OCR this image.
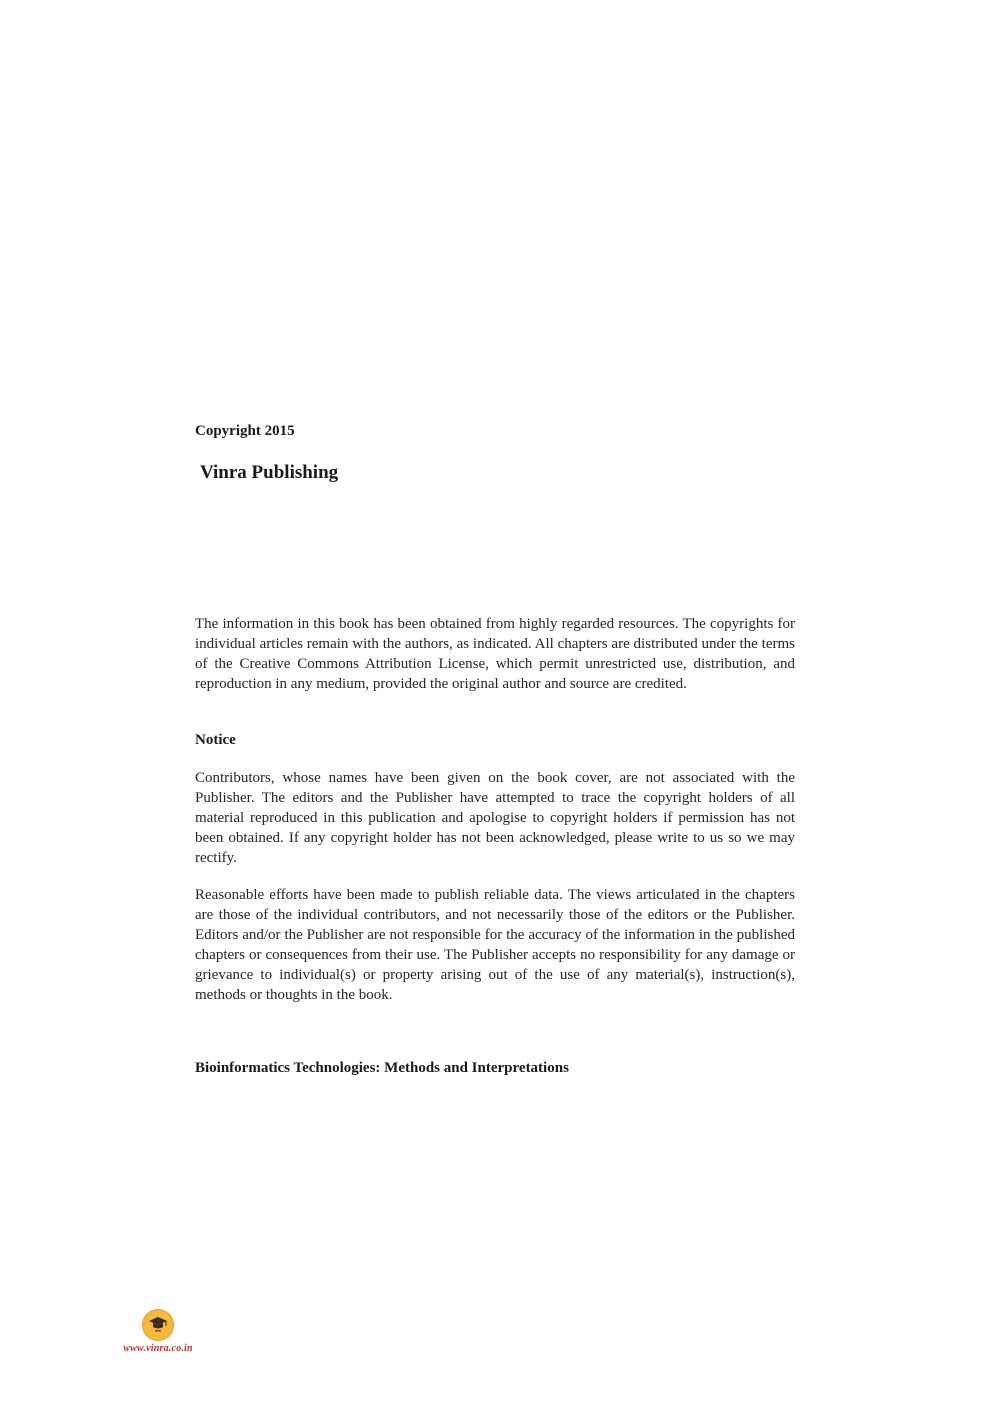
Copyright 2015
Vinra Publishing
The information in this book has been obtained from highly regarded resources. The copyrights for individual articles remain with the authors, as indicated. All chapters are distributed under the terms of the Creative Commons Attribution License, which permit unrestricted use, distribution, and reproduction in any medium, provided the original author and source are credited.
Notice
Contributors, whose names have been given on the book cover, are not associated with the Publisher. The editors and the Publisher have attempted to trace the copyright holders of all material reproduced in this publication and apologise to copyright holders if permission has not been obtained. If any copyright holder has not been acknowledged, please write to us so we may rectify.
Reasonable efforts have been made to publish reliable data. The views articulated in the chapters are those of the individual contributors, and not necessarily those of the editors or the Publisher. Editors and/or the Publisher are not responsible for the accuracy of the information in the published chapters or consequences from their use. The Publisher accepts no responsibility for any damage or grievance to individual(s) or property arising out of the use of any material(s), instruction(s), methods or thoughts in the book.
Bioinformatics Technologies: Methods and Interpretations
www.vinra.co.in
